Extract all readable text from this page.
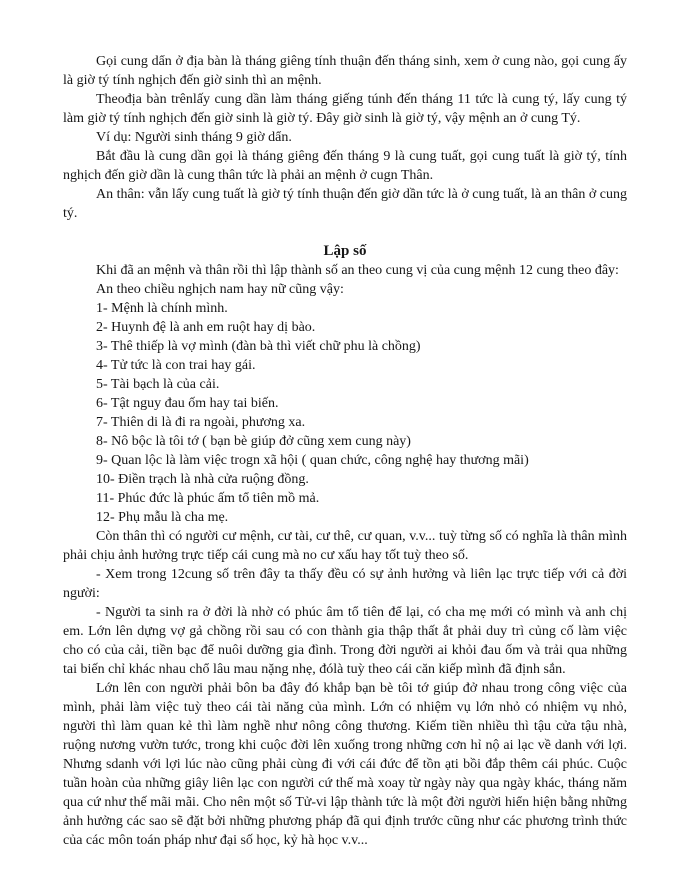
Gọi cung dẩn ở địa bàn là tháng giêng tính thuận đến tháng sinh, xem ở cung nào, gọi cung ấy là giờ tý tính nghịch đến giờ sinh thì an mệnh.

Theođịa bàn trênlấy cung dần làm tháng giếng túnh đến tháng 11 tức là cung tý, lấy cung tý làm giờ tý tính nghịch đến giờ sinh là giờ tý. Đây giờ sinh là giờ tý, vậy mệnh an ở cung Tý.

Ví dụ: Người sinh tháng 9 giờ dẩn.

Bắt đầu là cung dần gọi là tháng giêng đến tháng 9 là cung tuất, gọi cung tuất là giờ tý, tính nghịch đến giờ dần là cung thân tức là phải an mệnh ở cugn Thân.

An thân: vẫn lấy cung tuất là giờ tý tính thuận đến giờ dần tức là ở cung tuất, là an thân ở cung tý.

Lập số

Khi đã an mệnh và thân rồi thì lập thành số an theo cung vị của cung mệnh 12 cung theo đây:

An theo chiều nghịch nam hay nữ cũng vậy:

1- Mệnh là chính mình.

2- Huynh đệ là anh em ruột hay dị bào.

3- Thê thiếp là vợ mình (đàn bà thì viết chữ phu là chồng)

4- Tử tức là con trai hay gái.

5- Tài bạch là của cải.

6- Tật nguy đau ốm hay tai biến.

7- Thiên di là đi ra ngoài, phương xa.

8- Nô bộc là tôi tớ ( bạn bè giúp đở cũng xem cung này)

9- Quan lộc là làm việc trogn xã hội ( quan chức, công nghệ hay thương mãi)

10- Điền trạch là nhà cửa ruộng đồng.

11- Phúc đức là phúc ấm tổ tiên mồ mả.

12- Phụ mẫu là cha mẹ.

Còn thân thì có người cư mệnh, cư tài, cư thê, cư quan, v.v... tuỳ từng số có nghĩa là thân mình phải chịu ảnh hưởng trực tiếp cái cung mà no cư xấu hay tốt tuỳ theo số.

- Xem trong 12cung số trên đây ta thấy đều có sự ảnh hưởng và liên lạc trực tiếp với cả đời người:

- Người ta sinh ra ở đời là nhờ có phúc âm tổ tiên để lại, có cha mẹ mới có mình và anh chị em. Lớn lên dựng vợ gả chồng rồi sau có con thành gia thập thất ắt phải duy trì củng cố làm việc cho có của cải, tiền bạc để nuôi dưỡng gia đình. Trong đời người ai khỏi đau ốm và trải qua những tai biến chỉ khác nhau chổ lâu mau nặng nhẹ, đólà tuỳ theo cái căn kiếp mình đã định sắn.

Lớn lên con người phải bôn ba đây đó khắp bạn bè tôi tớ giúp đở nhau trong công việc của mình, phải làm việc tuỳ theo cái tài năng của mình. Lớn có nhiệm vụ lớn nhỏ có nhiệm vụ nhỏ, người thì làm quan kẻ thì làm nghề như nông công thương. Kiếm tiền nhiều thì tậu cửa tậu nhà, ruộng nương vườn tước, trong khi cuộc đời lên xuống trong những cơn hỉ nộ ai lạc về danh với lợi. Nhưng sdanh với lợi lúc nào cũng phải cùng đi với cái đức để tồn ạti bồi đắp thêm cái phúc. Cuộc tuần hoàn của những giây liên lạc con người cứ thế mà xoay từ ngày này qua ngày khác, tháng năm qua cứ như thế mãi mãi. Cho nên một số Tử-vi lập thành tức là một đời người hiển hiện bằng những ảnh hưởng các sao sẽ đặt bởi những phương pháp đã qui định trước cũng như các phương trình thức của các môn toán pháp như đại số học, kỷ hà học v.v...
